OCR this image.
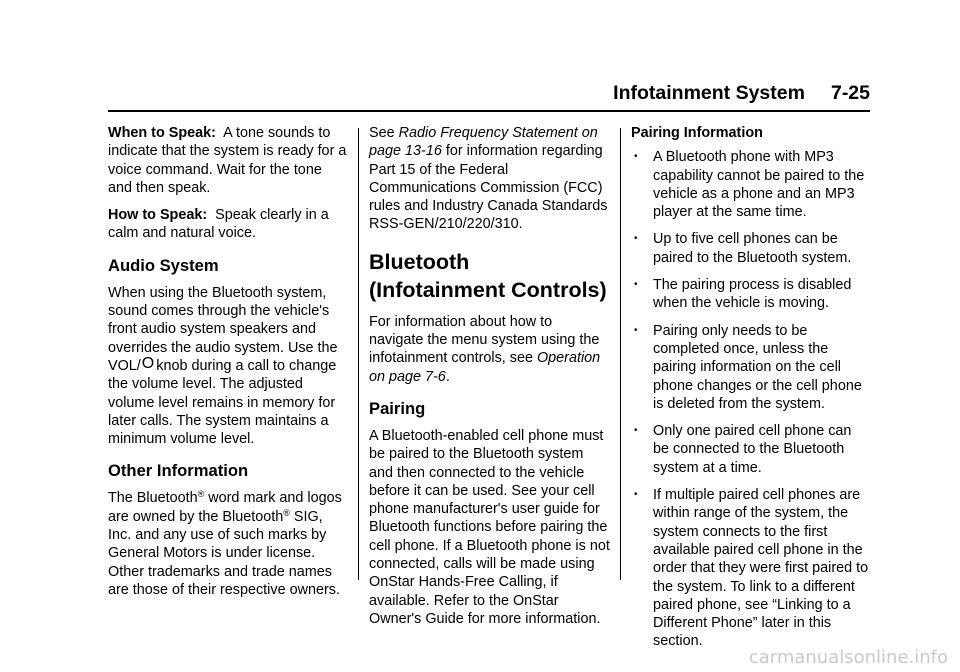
Infotainment System 7-25

When to Speak: A tone sounds to indicate that the system is ready for a voice command. Wait for the tone and then speak.

How to Speak: Speak clearly in a calm and natural voice.

Audio System

When using the Bluetooth system, sound comes through the vehicle's front audio system speakers and overrides the audio system. Use the VOL/O knob during a call to change the volume level. The adjusted volume level remains in memory for later calls. The system maintains a minimum volume level.

Other Information

The Bluetooth® word mark and logos are owned by the Bluetooth® SIG, Inc. and any use of such marks by General Motors is under license. Other trademarks and trade names are those of their respective owners.

See Radio Frequency Statement on page 13-16 for information regarding Part 15 of the Federal Communications Commission (FCC) rules and Industry Canada Standards RSS-GEN/210/220/310.

Bluetooth (Infotainment Controls)

For information about how to navigate the menu system using the infotainment controls, see Operation on page 7-6.

Pairing

A Bluetooth-enabled cell phone must be paired to the Bluetooth system and then connected to the vehicle before it can be used. See your cell phone manufacturer's user guide for Bluetooth functions before pairing the cell phone. If a Bluetooth phone is not connected, calls will be made using OnStar Hands-Free Calling, if available. Refer to the OnStar Owner's Guide for more information.

Pairing Information
• A Bluetooth phone with MP3 capability cannot be paired to the vehicle as a phone and an MP3 player at the same time.
• Up to five cell phones can be paired to the Bluetooth system.
• The pairing process is disabled when the vehicle is moving.
• Pairing only needs to be completed once, unless the pairing information on the cell phone changes or the cell phone is deleted from the system.
• Only one paired cell phone can be connected to the Bluetooth system at a time.
• If multiple paired cell phones are within range of the system, the system connects to the first available paired cell phone in the order that they were first paired to the system. To link to a different paired phone, see “Linking to a Different Phone” later in this section.
carmanualsonline.info
